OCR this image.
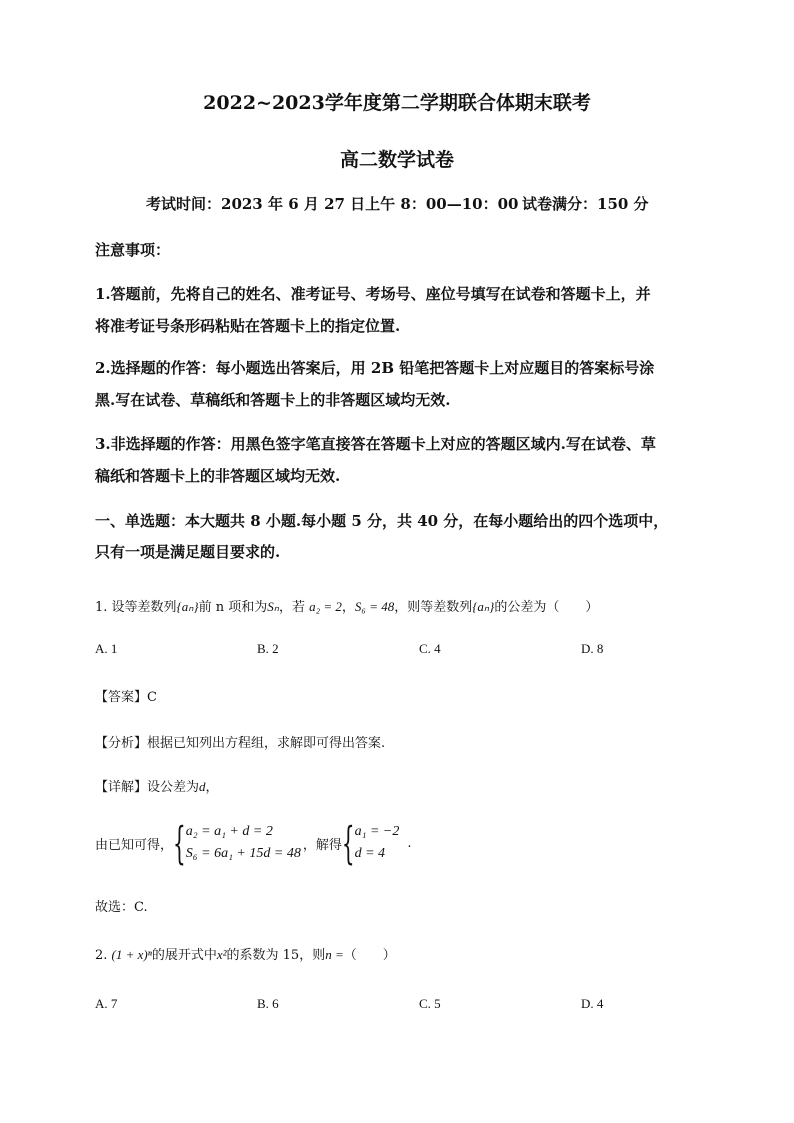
2022~2023学年度第二学期联合体期末联考
高二数学试卷
考试时间：2023 年 6 月 27 日上午 8：00—10：00 试卷满分：150 分
注意事项：
1.答题前，先将自己的姓名、准考证号、考场号、座位号填写在试卷和答题卡上，并
将准考证号条形码粘贴在答题卡上的指定位置.
2.选择题的作答：每小题选出答案后，用 2B 铅笔把答题卡上对应题目的答案标号涂
黑.写在试卷、草稿纸和答题卡上的非答题区域均无效.
3.非选择题的作答：用黑色签字笔直接答在答题卡上对应的答题区域内.写在试卷、草
稿纸和答题卡上的非答题区域均无效.
一、单选题：本大题共 8 小题.每小题 5 分，共 40 分，在每小题给出的四个选项中，
只有一项是满足题目要求的.
1. 设等差数列{aₙ}前 n 项和为Sₙ，若 a₂ = 2，S₆ = 48，则等差数列{aₙ}的公差为（　　）
A. 1	B. 2	C. 4	D. 8
【答案】C
【分析】根据已知列出方程组，求解即可得出答案.
【详解】设公差为d，
由已知可得， { a₂ = a₁ + d = 2
S₆ = 6a₁ + 15d = 48
，解得 { a₁ = −2
d = 4
.
故选：C.
2. (1 + x)ⁿ的展开式中x²的系数为 15，则n =（　　）
A. 7	B. 6	C. 5	D. 4
